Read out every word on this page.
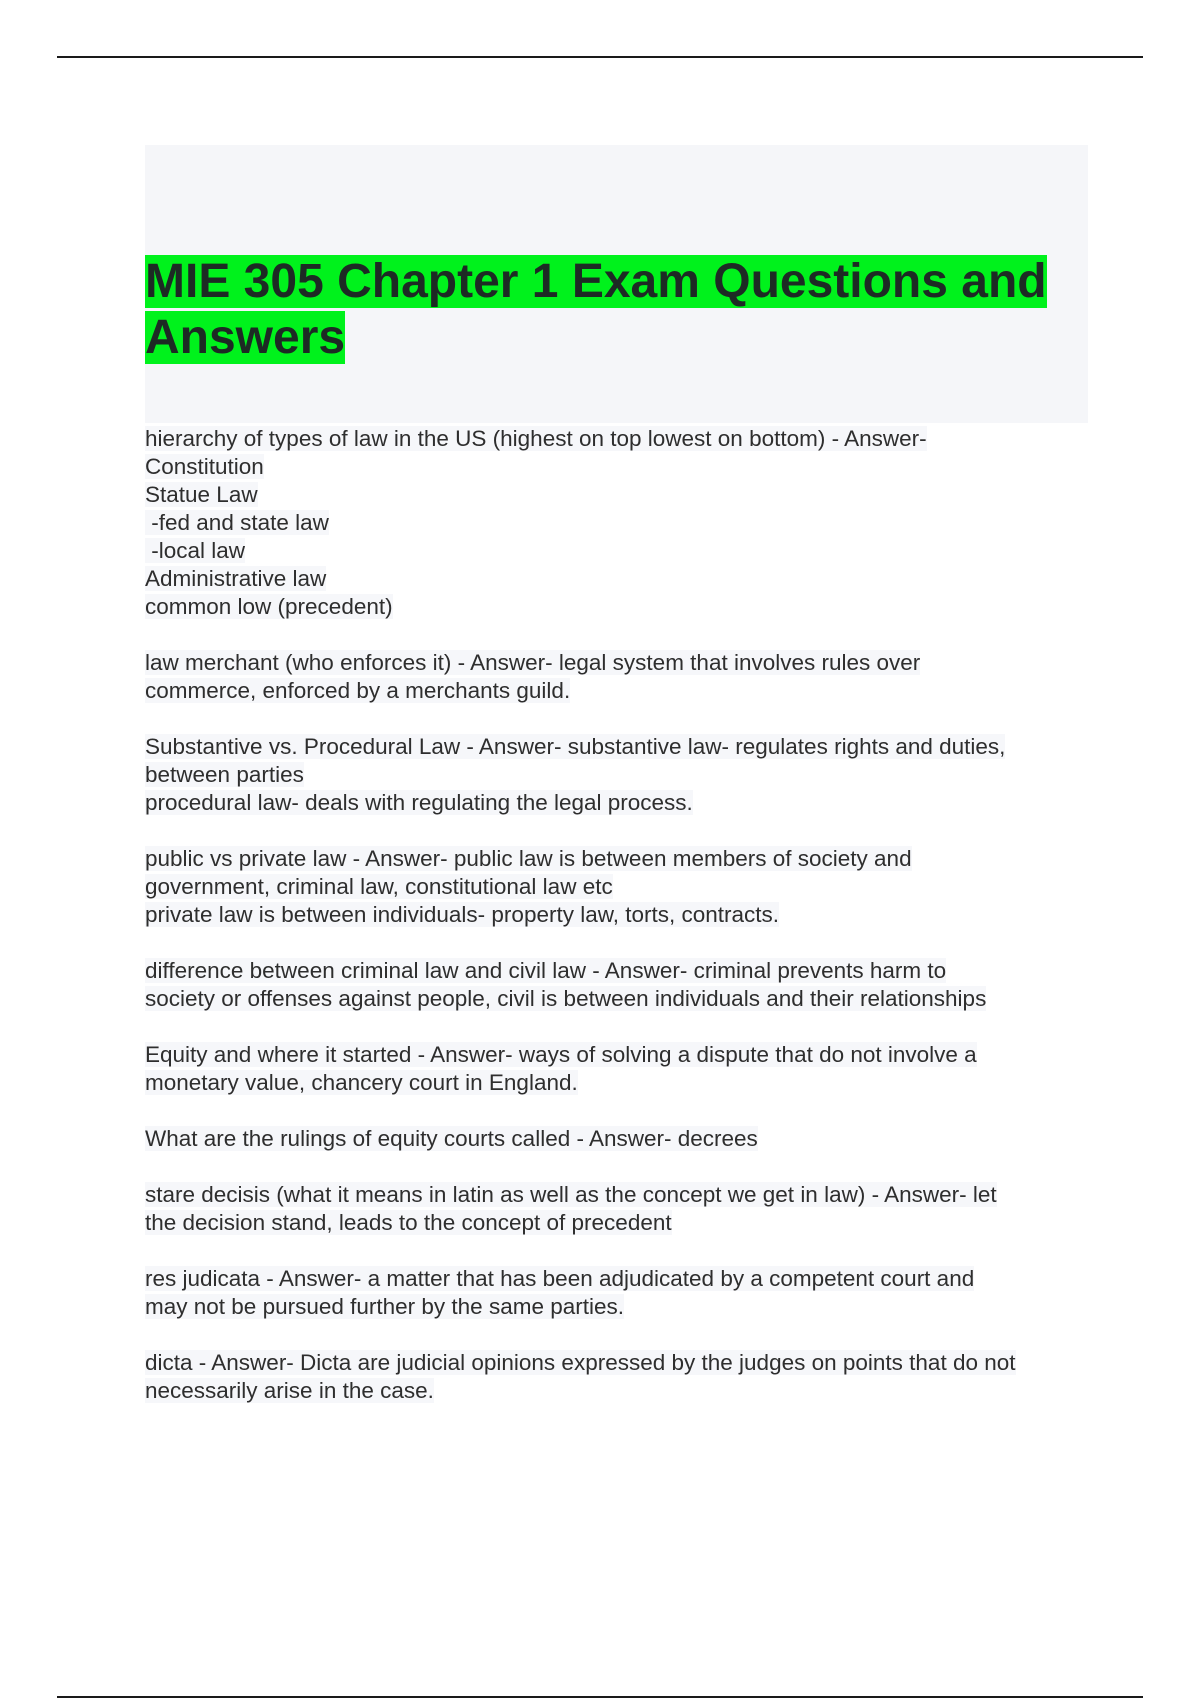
MIE 305 Chapter 1 Exam Questions and Answers
hierarchy of types of law in the US (highest on top lowest on bottom) - Answer-
Constitution
Statue Law
-fed and state law
-local law
Administrative law
common low (precedent)
law merchant (who enforces it) - Answer- legal system that involves rules over
commerce, enforced by a merchants guild.
Substantive vs. Procedural Law - Answer- substantive law- regulates rights and duties,
between parties
procedural law- deals with regulating the legal process.
public vs private law - Answer- public law is between members of society and
government, criminal law, constitutional law etc
private law is between individuals- property law, torts, contracts.
difference between criminal law and civil law - Answer- criminal prevents harm to
society or offenses against people, civil is between individuals and their relationships
Equity and where it started - Answer- ways of solving a dispute that do not involve a
monetary value, chancery court in England.
What are the rulings of equity courts called - Answer- decrees
stare decisis (what it means in latin as well as the concept we get in law) - Answer- let
the decision stand, leads to the concept of precedent
res judicata - Answer- a matter that has been adjudicated by a competent court and
may not be pursued further by the same parties.
dicta - Answer- Dicta are judicial opinions expressed by the judges on points that do not
necessarily arise in the case.
